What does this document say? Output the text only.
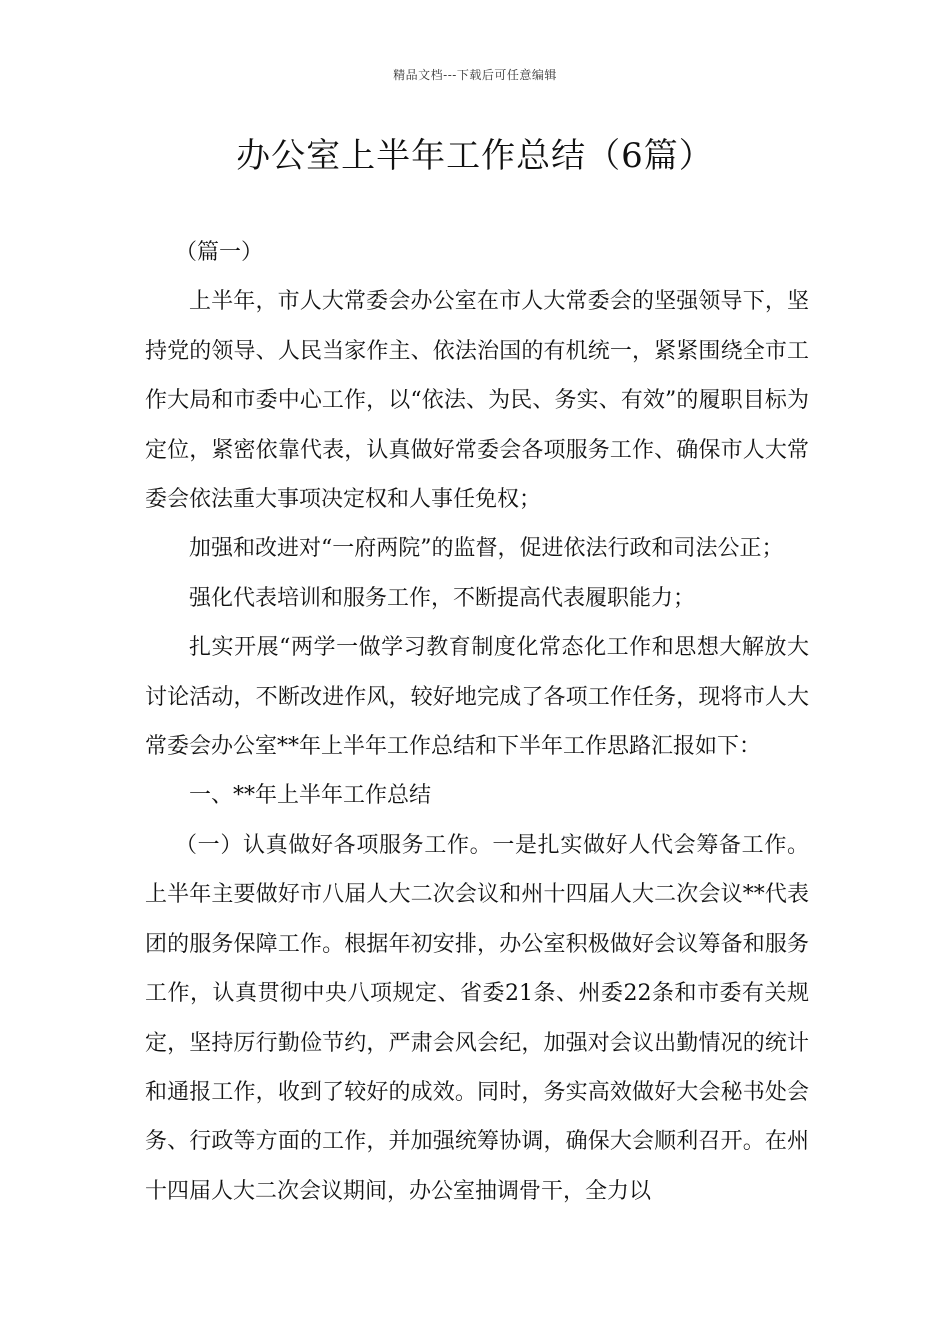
精品文档---下载后可任意编辑
办公室上半年工作总结（6篇）

（篇一）

上半年，市人大常委会办公室在市人大常委会的坚强领导下，坚持党的领导、人民当家作主、依法治国的有机统一，紧紧围绕全市工作大局和市委中心工作，以“依法、为民、务实、有效”的履职目标为定位，紧密依靠代表，认真做好常委会各项服务工作、确保市人大常委会依法重大事项决定权和人事任免权；

加强和改进对“一府两院”的监督，促进依法行政和司法公正；

强化代表培训和服务工作，不断提高代表履职能力；

扎实开展“两学一做学习教育制度化常态化工作和思想大解放大讨论活动，不断改进作风，较好地完成了各项工作任务，现将市人大常委会办公室**年上半年工作总结和下半年工作思路汇报如下：

一、**年上半年工作总结

（一）认真做好各项服务工作。一是扎实做好人代会筹备工作。上半年主要做好市八届人大二次会议和州十四届人大二次会议**代表团的服务保障工作。根据年初安排，办公室积极做好会议筹备和服务工作，认真贯彻中央八项规定、省委21条、州委22条和市委有关规定，坚持厉行勤俭节约，严肃会风会纪，加强对会议出勤情况的统计和通报工作，收到了较好的成效。同时，务实高效做好大会秘书处会务、行政等方面的工作，并加强统筹协调，确保大会顺利召开。在州十四届人大二次会议期间，办公室抽调骨干，全力以
